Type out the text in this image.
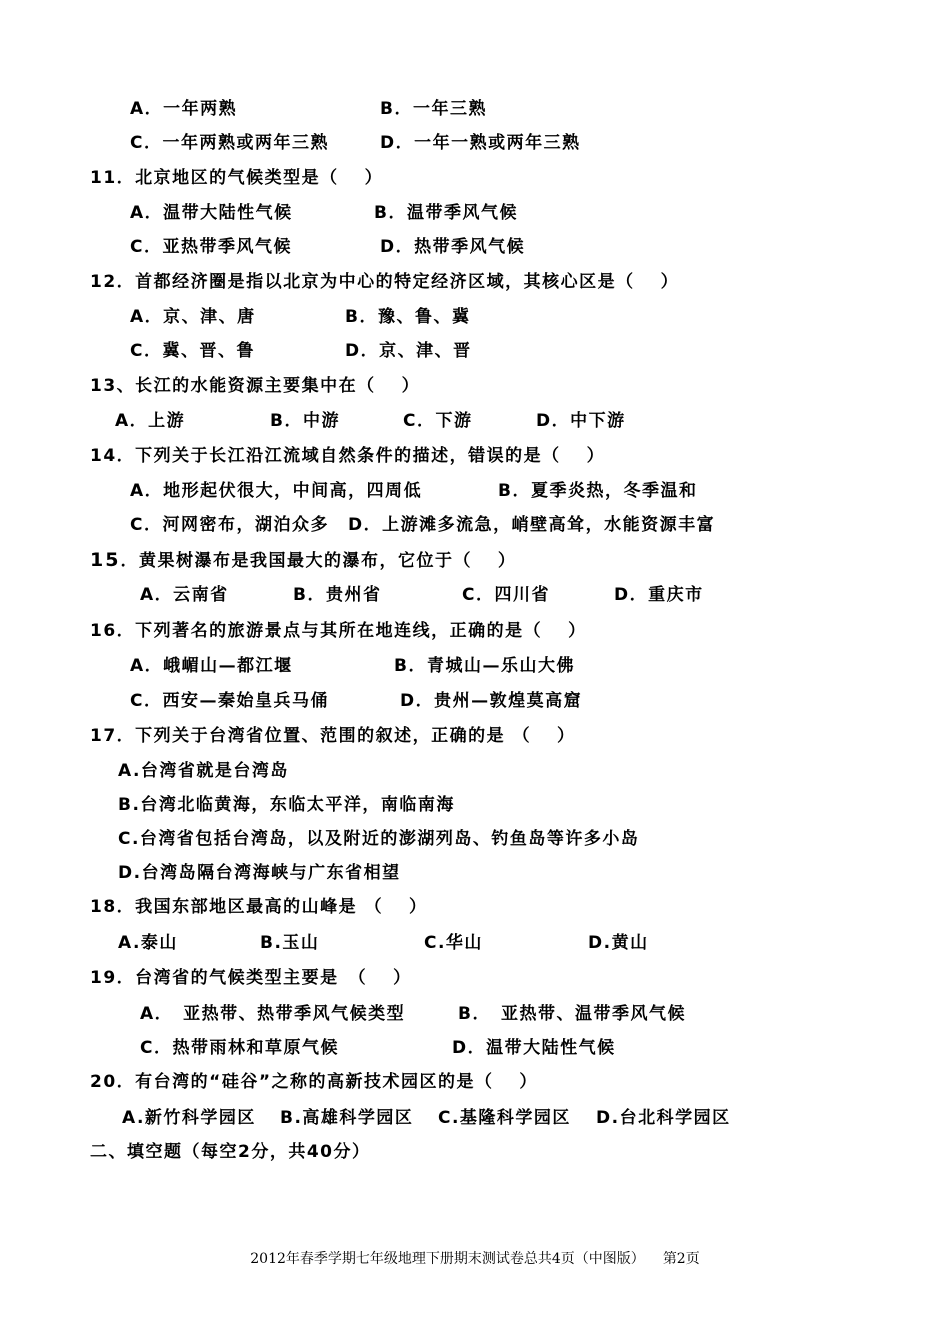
A．一年两熟	B．一年三熟
C．一年两熟或两年三熟	D．一年一熟或两年三熟
11．北京地区的气候类型是（　 ）
A．温带大陆性气候	B．温带季风气候
C．亚热带季风气候	D．热带季风气候
12．首都经济圈是指以北京为中心的特定经济区域，其核心区是（　 ）
A．京、津、唐	B．豫、鲁、冀
C．冀、晋、鲁	D．京、津、晋
13、长江的水能资源主要集中在（　 ）
A．上游	B．中游	C．下游	D．中下游
14．下列关于长江沿江流域自然条件的描述，错误的是（　 ）
A．地形起伏很大，中间高，四周低	B．夏季炎热，冬季温和
C．河网密布，湖泊众多 D．上游滩多流急，峭壁高耸，水能资源丰富
15．黄果树瀑布是我国最大的瀑布，它位于（　 ）
A．云南省	B．贵州省	C．四川省	D．重庆市
16．下列著名的旅游景点与其所在地连线，正确的是（　 ）
A．峨嵋山—都江堰	B．青城山—乐山大佛
C．西安—秦始皇兵马俑	D．贵州—敦煌莫高窟
17．下列关于台湾省位置、范围的叙述，正确的是 （　 ）
A.台湾省就是台湾岛
B.台湾北临黄海，东临太平洋，南临南海
C.台湾省包括台湾岛，以及附近的澎湖列岛、钓鱼岛等许多小岛
D.台湾岛隔台湾海峡与广东省相望
18．我国东部地区最高的山峰是 （　 ）
A.泰山	B.玉山	C.华山	D.黄山
19．台湾省的气候类型主要是　（　 ）
A．　亚热带、热带季风气候类型	B．　亚热带、温带季风气候
C．热带雨林和草原气候	D．温带大陆性气候
20．有台湾的“硅谷”之称的高新技术园区的是（　 ）
A.新竹科学园区 B.高雄科学园区 C.基隆科学园区 D.台北科学园区
二、填空题（每空2分，共40分）
2012年春季学期七年级地理下册期末测试卷总共4页（中图版） 第2页
